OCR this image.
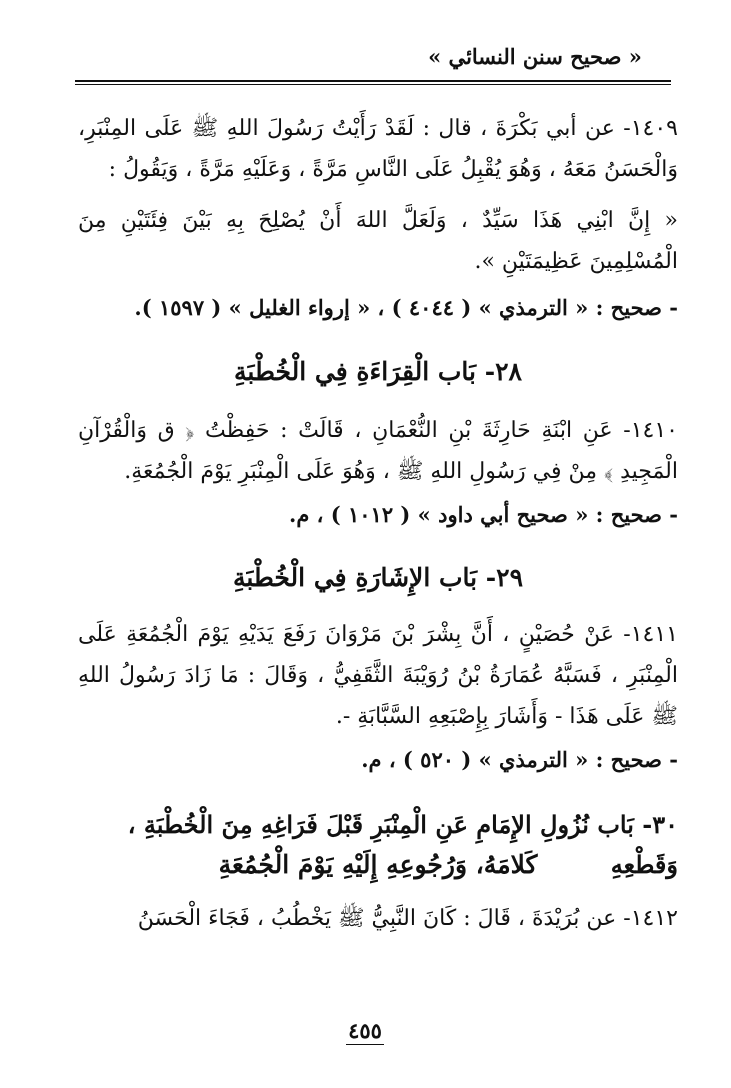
« صحيح سنن النسائي »
١٤٠٩- عن أبي بَكْرَةَ ، قال : لَقَدْ رَأَيْتُ رَسُولَ اللهِ ﷺ عَلَى المِنْبَرِ، وَالْحَسَنُ مَعَهُ ، وَهُوَ يُقْبِلُ عَلَى النَّاسِ مَرَّةً ، وَعَلَيْهِ مَرَّةً ، وَيَقُولُ :
« إِنَّ ابْنِي هَذَا سَيِّدٌ ، وَلَعَلَّ اللهَ أَنْ يُصْلِحَ بِهِ بَيْنَ فِئَتَيْنِ مِنَ الْمُسْلِمِينَ عَظِيمَتَيْنِ ».
- صحيح : « الترمذي » ( ٤٠٤٤ ) ، « إرواء الغليل » ( ١٥٩٧ ).
٢٨- بَاب الْقِرَاءَةِ فِي الْخُطْبَةِ
١٤١٠- عَنِ ابْنَةِ حَارِثَةَ بْنِ النُّعْمَانِ ، قَالَتْ : حَفِظْتُ ﴿ ق وَالْقُرْآنِ الْمَجِيدِ ﴾ مِنْ فِي رَسُولِ اللهِ ﷺ ، وَهُوَ عَلَى الْمِنْبَرِ يَوْمَ الْجُمُعَةِ.
- صحيح : « صحيح أبي داود » ( ١٠١٢ ) ، م.
٢٩- بَاب الإِشَارَةِ فِي الْخُطْبَةِ
١٤١١- عَنْ حُصَيْنٍ ، أَنَّ بِشْرَ بْنَ مَرْوَانَ رَفَعَ يَدَيْهِ يَوْمَ الْجُمُعَةِ عَلَى الْمِنْبَرِ ، فَسَبَّهُ عُمَارَةُ بْنُ رُوَيْبَةَ الثَّقَفِيُّ ، وَقَالَ : مَا زَادَ رَسُولُ اللهِ ﷺ عَلَى هَذَا - وَأَشَارَ بِإِصْبَعِهِ السَّبَّابَةِ -.
- صحيح : « الترمذي » ( ٥٢٠ ) ، م.
٣٠- بَاب نُزُولِ الإِمَامِ عَنِ الْمِنْبَرِ قَبْلَ فَرَاغِهِ مِنَ الْخُطْبَةِ ، وَقَطْعِهِ
كَلامَهُ، وَرُجُوعِهِ إِلَيْهِ يَوْمَ الْجُمُعَةِ
١٤١٢- عن بُرَيْدَةَ ، قَالَ : كَانَ النَّبِيُّ ﷺ يَخْطُبُ ، فَجَاءَ الْحَسَنُ
٤٥٥
